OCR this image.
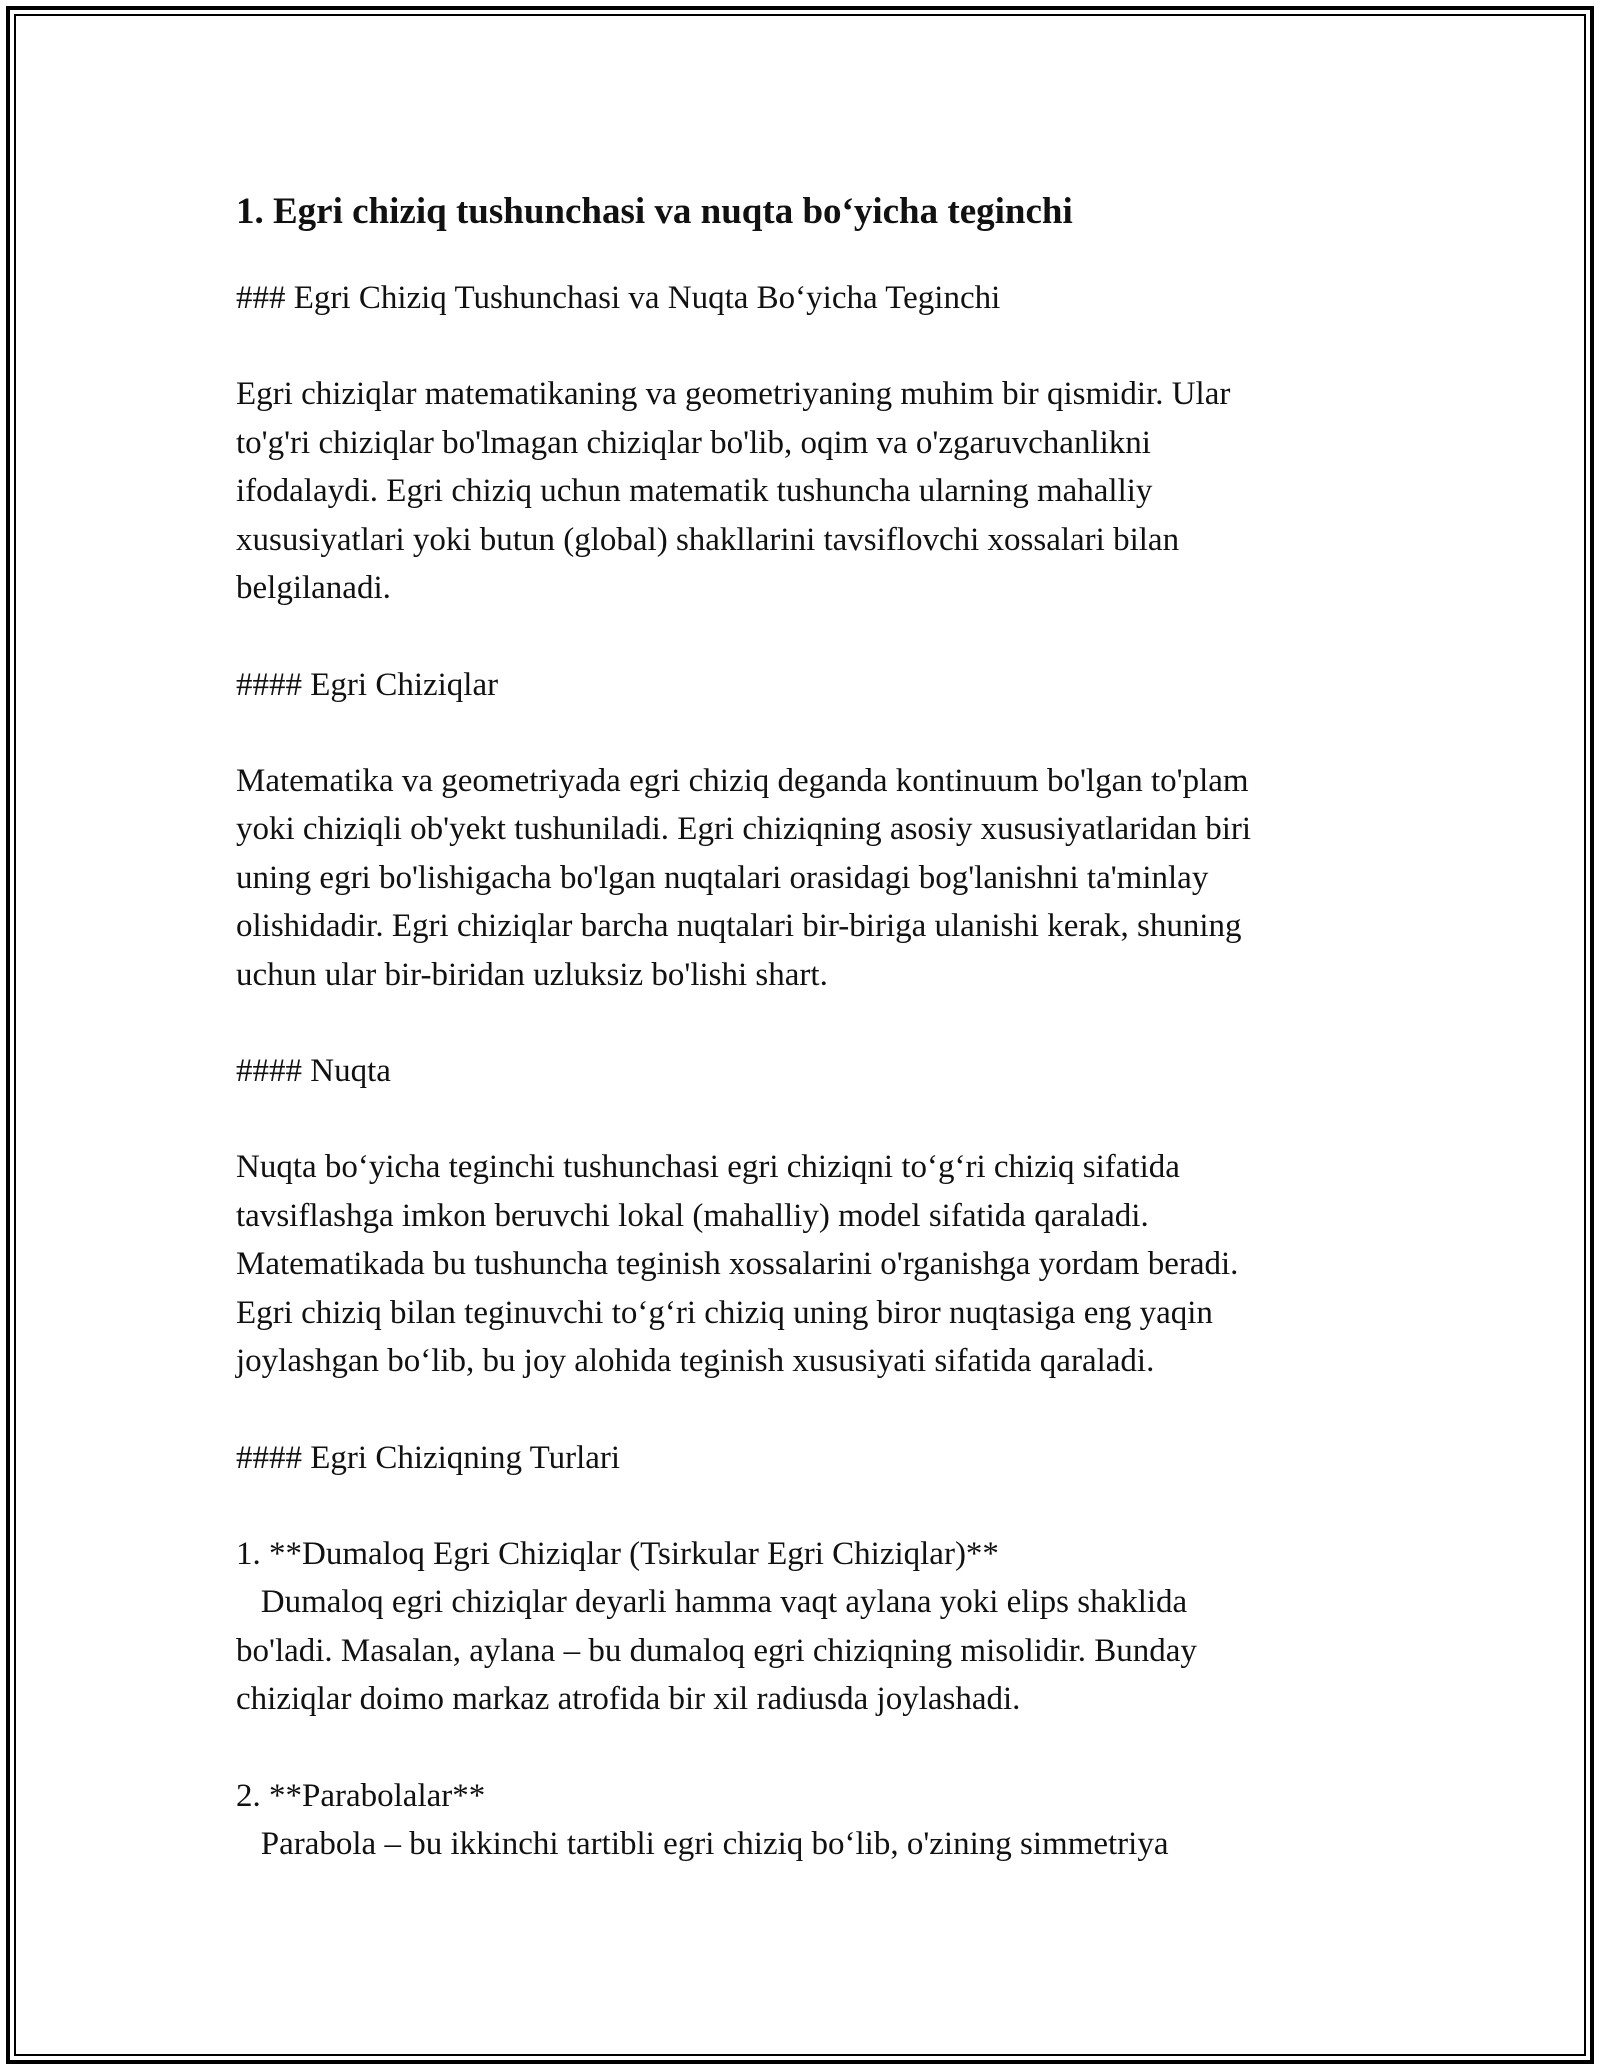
1. Egri chiziq tushunchasi va nuqta bo‘yicha teginchi

### Egri Chiziq Tushunchasi va Nuqta Bo‘yicha Teginchi

Egri chiziqlar matematikaning va geometriyaning muhim bir qismidir. Ular

to'g'ri chiziqlar bo'lmagan chiziqlar bo'lib, oqim va o'zgaruvchanlikni

ifodalaydi. Egri chiziq uchun matematik tushuncha ularning mahalliy

xususiyatlari yoki butun (global) shakllarini tavsiflovchi xossalari bilan

belgilanadi.

#### Egri Chiziqlar

Matematika va geometriyada egri chiziq deganda kontinuum bo'lgan to'plam

yoki chiziqli ob'yekt tushuniladi. Egri chiziqning asosiy xususiyatlaridan biri

uning egri bo'lishigacha bo'lgan nuqtalari orasidagi bog'lanishni ta'minlay

olishidadir. Egri chiziqlar barcha nuqtalari bir-biriga ulanishi kerak, shuning

uchun ular bir-biridan uzluksiz bo'lishi shart.

#### Nuqta

Nuqta bo‘yicha teginchi tushunchasi egri chiziqni to‘g‘ri chiziq sifatida

tavsiflashga imkon beruvchi lokal (mahalliy) model sifatida qaraladi.

Matematikada bu tushuncha teginish xossalarini o'rganishga yordam beradi.

Egri chiziq bilan teginuvchi to‘g‘ri chiziq uning biror nuqtasiga eng yaqin

joylashgan bo‘lib, bu joy alohida teginish xususiyati sifatida qaraladi.

#### Egri Chiziqning Turlari

1. **Dumaloq Egri Chiziqlar (Tsirkular Egri Chiziqlar)**

Dumaloq egri chiziqlar deyarli hamma vaqt aylana yoki elips shaklida

bo'ladi. Masalan, aylana – bu dumaloq egri chiziqning misolidir. Bunday

chiziqlar doimo markaz atrofida bir xil radiusda joylashadi.

2. **Parabolalar**

Parabola – bu ikkinchi tartibli egri chiziq bo‘lib, o'zining simmetriya
